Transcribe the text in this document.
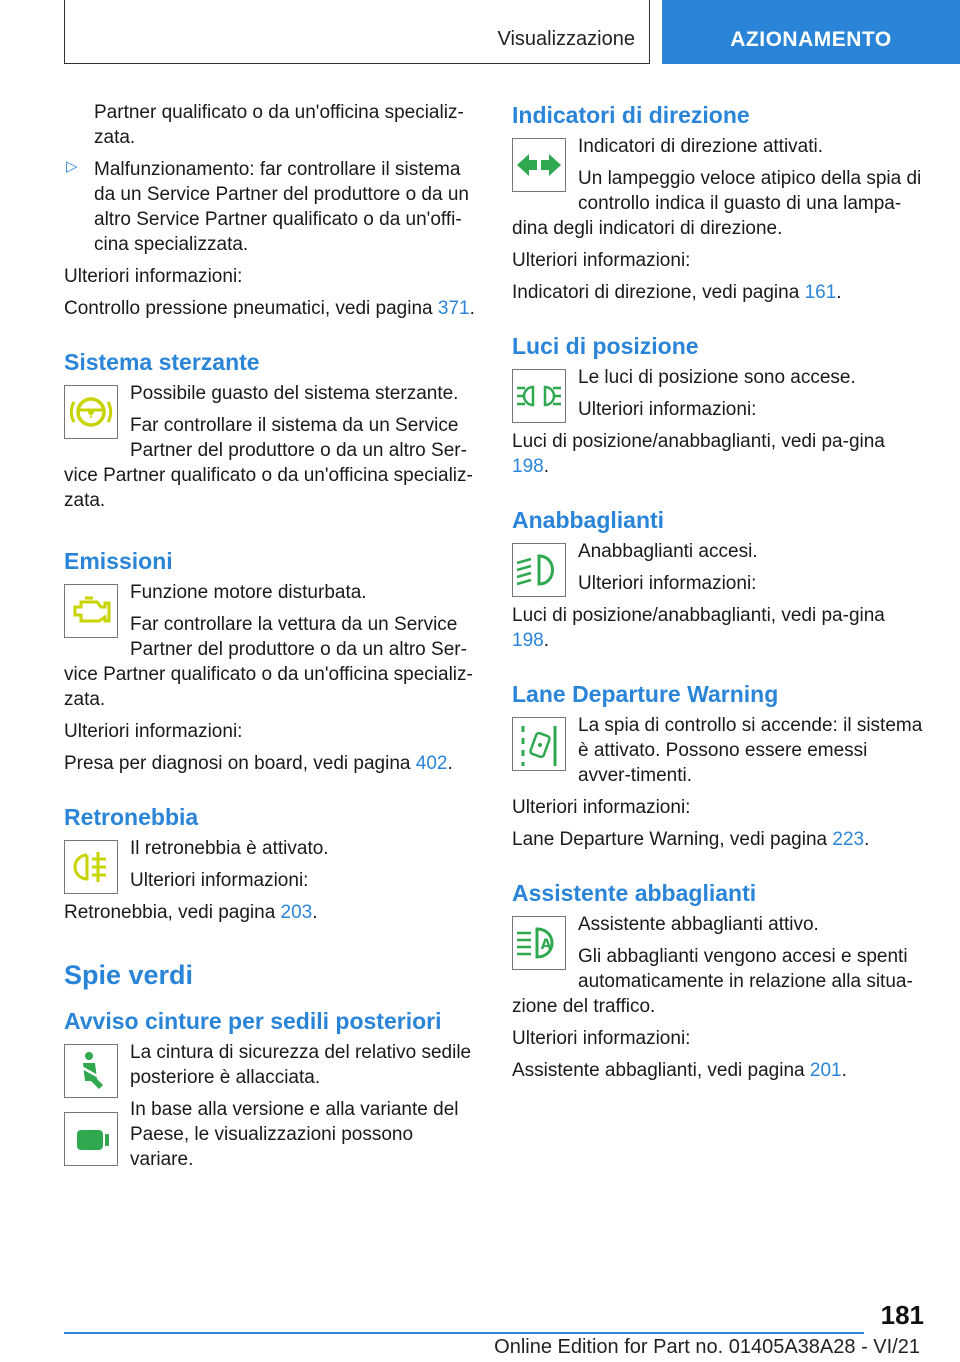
Visualizzazione	AZIONAMENTO

Partner qualificato o da un'officina specializ-zata.

▷ Malfunzionamento: far controllare il sistema da un Service Partner del produttore o da un altro Service Partner qualificato o da un'offi-cina specializzata.

Ulteriori informazioni:

Controllo pressione pneumatici, vedi pagina 371.

Sistema sterzante
!

Possibile guasto del sistema sterzante.

Far controllare il sistema da un Service Partner del produttore o da un altro Ser-vice Partner qualificato o da un'officina specializ-zata.

Emissioni

Funzione motore disturbata.

Far controllare la vettura da un Service Partner del produttore o da un altro Ser-vice Partner qualificato o da un'officina specializ-zata.

Ulteriori informazioni:

Presa per diagnosi on board, vedi pagina 402.

Retronebbia

Il retronebbia è attivato.

Ulteriori informazioni:

Retronebbia, vedi pagina 203.

Spie verdi
Avviso cinture per sedili posteriori

La cintura di sicurezza del relativo sedile posteriore è allacciata.

In base alla versione e alla variante del Paese, le visualizzazioni possono variare.

Indicatori di direzione

Indicatori di direzione attivati.

Un lampeggio veloce atipico della spia di controllo indica il guasto di una lampa-dina degli indicatori di direzione.

Ulteriori informazioni:

Indicatori di direzione, vedi pagina 161.

Luci di posizione

Le luci di posizione sono accese.

Ulteriori informazioni:

Luci di posizione/anabbaglianti, vedi pa-gina 198.

Anabbaglianti

Anabbaglianti accesi.

Ulteriori informazioni:

Luci di posizione/anabbaglianti, vedi pa-gina 198.

Lane Departure Warning

La spia di controllo si accende: il sistema è attivato. Possono essere emessi avver-timenti.

Ulteriori informazioni:

Lane Departure Warning, vedi pagina 223.

Assistente abbaglianti
A

Assistente abbaglianti attivo.

Gli abbaglianti vengono accesi e spenti automaticamente in relazione alla situa-zione del traffico.

Ulteriori informazioni:

Assistente abbaglianti, vedi pagina 201.

181
Online Edition for Part no. 01405A38A28 - VI/21
